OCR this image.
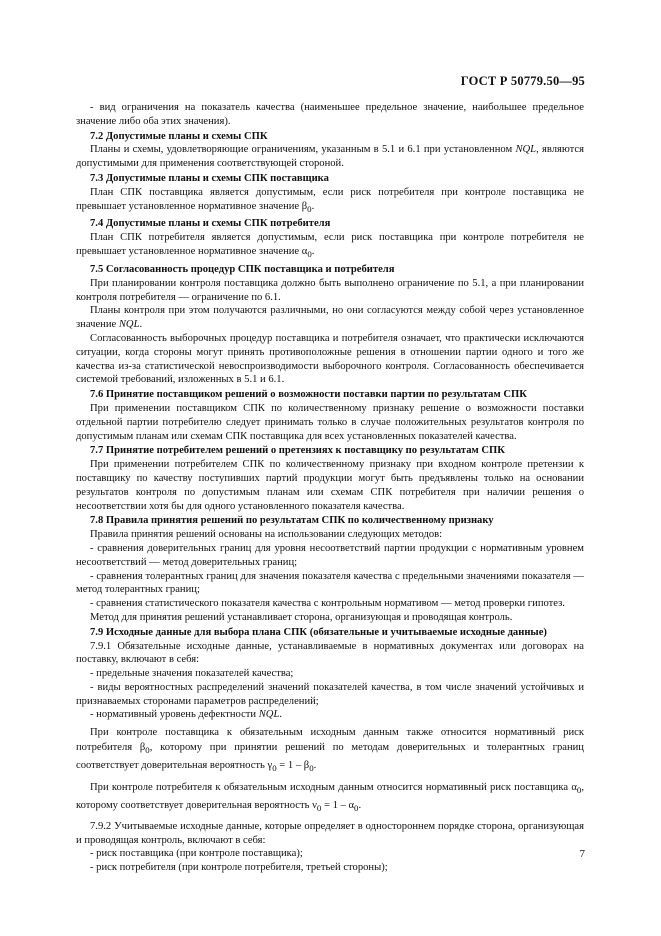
ГОСТ Р 50779.50—95

- вид ограничения на показатель качества (наименьшее предельное значение, наибольшее предельное значение либо оба этих значения).

7.2 Допустимые планы и схемы СПК

Планы и схемы, удовлетворяющие ограничениям, указанным в 5.1 и 6.1 при установленном NQL, являются допустимыми для применения соответствующей стороной.

7.3 Допустимые планы и схемы СПК поставщика

План СПК поставщика является допустимым, если риск потребителя при контроле поставщика не превышает установленное нормативное значение $\beta_0$.

7.4 Допустимые планы и схемы СПК потребителя

План СПК потребителя является допустимым, если риск поставщика при контроле потребителя не превышает установленное нормативное значение $\alpha_0$.

7.5 Согласованность процедур СПК поставщика и потребителя

При планировании контроля поставщика должно быть выполнено ограничение по 5.1, а при планировании контроля потребителя — ограничение по 6.1.

Планы контроля при этом получаются различными, но они согласуются между собой через установленное значение NQL.

Согласованность выборочных процедур поставщика и потребителя означает, что практически исключаются ситуации, когда стороны могут принять противоположные решения в отношении партии одного и того же качества из-за статистической невоспроизводимости выборочного контроля. Согласованность обеспечивается системой требований, изложенных в 5.1 и 6.1.

7.6 Принятие поставщиком решений о возможности поставки партии по результатам СПК

При применении поставщиком СПК по количественному признаку решение о возможности поставки отдельной партии потребителю следует принимать только в случае положительных результатов контроля по допустимым планам или схемам СПК поставщика для всех установленных показателей качества.

7.7 Принятие потребителем решений о претензиях к поставщику по результатам СПК

При применении потребителем СПК по количественному признаку при входном контроле претензии к поставщику по качеству поступивших партий продукции могут быть предъявлены только на основании результатов контроля по допустимым планам или схемам СПК потребителя при наличии решения о несоответствии хотя бы для одного установленного показателя качества.

7.8 Правила принятия решений по результатам СПК по количественному признаку

Правила принятия решений основаны на использовании следующих методов:

- сравнения доверительных границ для уровня несоответствий партии продукции с нормативным уровнем несоответствий — метод доверительных границ;

- сравнения толерантных границ для значения показателя качества с предельными значениями показателя — метод толерантных границ;

- сравнения статистического показателя качества с контрольным нормативом — метод проверки гипотез.

Метод для принятия решений устанавливает сторона, организующая и проводящая контроль.

7.9 Исходные данные для выбора плана СПК (обязательные и учитываемые исходные данные)

7.9.1 Обязательные исходные данные, устанавливаемые в нормативных документах или договорах на поставку, включают в себя:

- предельные значения показателей качества;

- виды вероятностных распределений значений показателей качества, в том числе значений устойчивых и признаваемых сторонами параметров распределений;

- нормативный уровень дефектности NQL.

При контроле поставщика к обязательным исходным данным также относится нормативный риск потребителя $\beta_0$, которому при принятии решений по методам доверительных и толерантных границ соответствует доверительная вероятность $\gamma_0 = 1 - \beta_0$.

При контроле потребителя к обязательным исходным данным относится нормативный риск поставщика $\alpha_0$, которому соответствует доверительная вероятность $\nu_0 = 1 - \alpha_0$.

7.9.2 Учитываемые исходные данные, которые определяет в одностороннем порядке сторона, организующая и проводящая контроль, включают в себя:

- риск поставщика (при контроле поставщика);

- риск потребителя (при контроле потребителя, третьей стороны);

7
